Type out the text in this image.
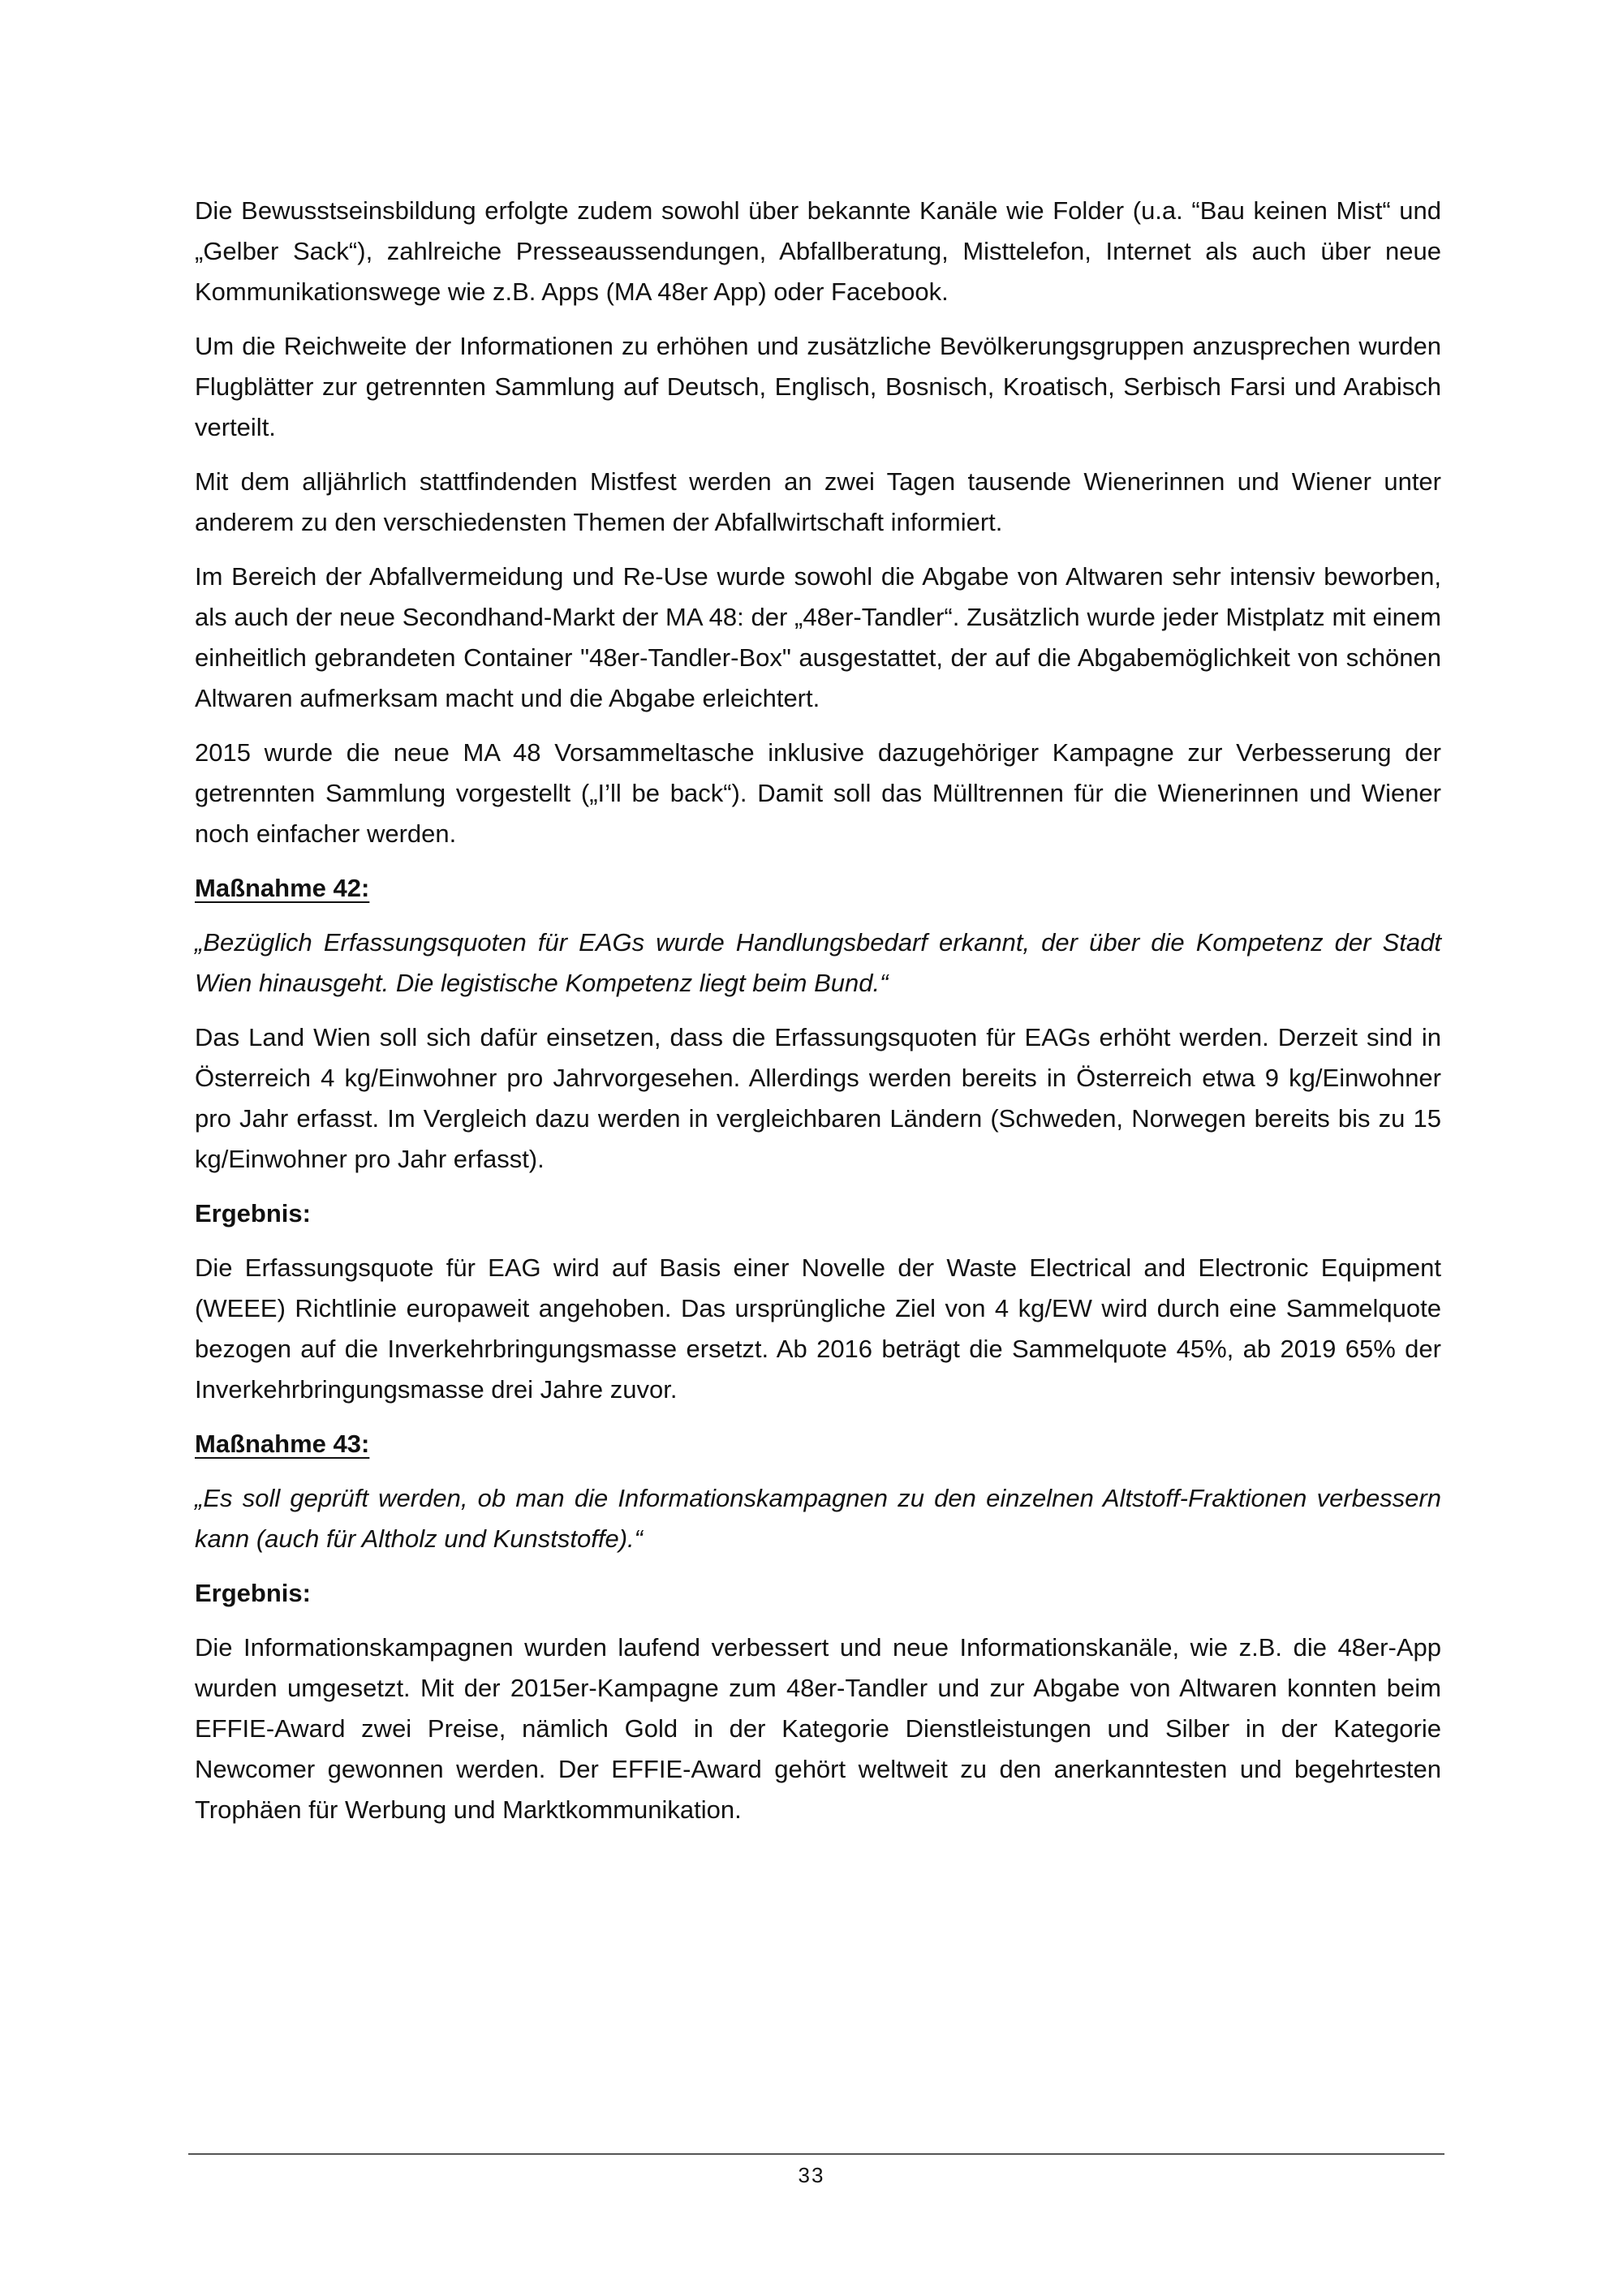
Die Bewusstseinsbildung erfolgte zudem sowohl über bekannte Kanäle wie Folder (u.a. “Bau keinen Mist“ und „Gelber Sack“), zahlreiche Presseaussendungen, Abfallberatung, Misttelefon, Internet als auch über neue Kommunikationswege wie z.B. Apps (MA 48er App) oder Facebook.

Um die Reichweite der Informationen zu erhöhen und zusätzliche Bevölkerungsgruppen anzusprechen wurden Flugblätter zur getrennten Sammlung auf Deutsch, Englisch, Bosnisch, Kroatisch, Serbisch Farsi und Arabisch verteilt.

Mit dem alljährlich stattfindenden Mistfest werden an zwei Tagen tausende Wienerinnen und Wiener unter anderem zu den verschiedensten Themen der Abfallwirtschaft informiert.

Im Bereich der Abfallvermeidung und Re-Use wurde sowohl die Abgabe von Altwaren sehr intensiv beworben, als auch der neue Secondhand-Markt der MA 48: der „48er-Tandler“. Zusätzlich wurde jeder Mistplatz mit einem einheitlich gebrandeten Container "48er-Tandler-Box" ausgestattet, der auf die Abgabemöglichkeit von schönen Altwaren aufmerksam macht und die Abgabe erleichtert.

2015 wurde die neue MA 48 Vorsammeltasche inklusive dazugehöriger Kampagne zur Verbesserung der getrennten Sammlung vorgestellt („I’ll be back“). Damit soll das Mülltrennen für die Wienerinnen und Wiener noch einfacher werden.

Maßnahme 42:

„Bezüglich Erfassungsquoten für EAGs wurde Handlungsbedarf erkannt, der über die Kompetenz der Stadt Wien hinausgeht. Die legistische Kompetenz liegt beim Bund.“

Das Land Wien soll sich dafür einsetzen, dass die Erfassungsquoten für EAGs erhöht werden. Derzeit sind in Österreich 4 kg/Einwohner pro Jahrvorgesehen. Allerdings werden bereits in Österreich etwa 9 kg/Einwohner pro Jahr erfasst. Im Vergleich dazu werden in vergleichbaren Ländern (Schweden, Norwegen bereits bis zu 15 kg/Einwohner pro Jahr erfasst).

Ergebnis:

Die Erfassungsquote für EAG wird auf Basis einer Novelle der Waste Electrical and Electronic Equipment (WEEE) Richtlinie europaweit angehoben. Das ursprüngliche Ziel von 4 kg/EW wird durch eine Sammelquote bezogen auf die Inverkehrbringungsmasse ersetzt. Ab 2016 beträgt die Sammelquote 45%, ab 2019 65% der Inverkehrbringungsmasse drei Jahre zuvor.

Maßnahme 43:

„Es soll geprüft werden, ob man die Informationskampagnen zu den einzelnen Altstoff-Fraktionen verbessern kann (auch für Altholz und Kunststoffe).“

Ergebnis:

Die Informationskampagnen wurden laufend verbessert und neue Informationskanäle, wie z.B. die 48er-App wurden umgesetzt. Mit der 2015er-Kampagne zum 48er-Tandler und zur Abgabe von Altwaren konnten beim EFFIE-Award zwei Preise, nämlich Gold in der Kategorie Dienstleistungen und Silber in der Kategorie Newcomer gewonnen werden. Der EFFIE-Award gehört weltweit zu den anerkanntesten und begehrtesten Trophäen für Werbung und Marktkommunikation.

33
